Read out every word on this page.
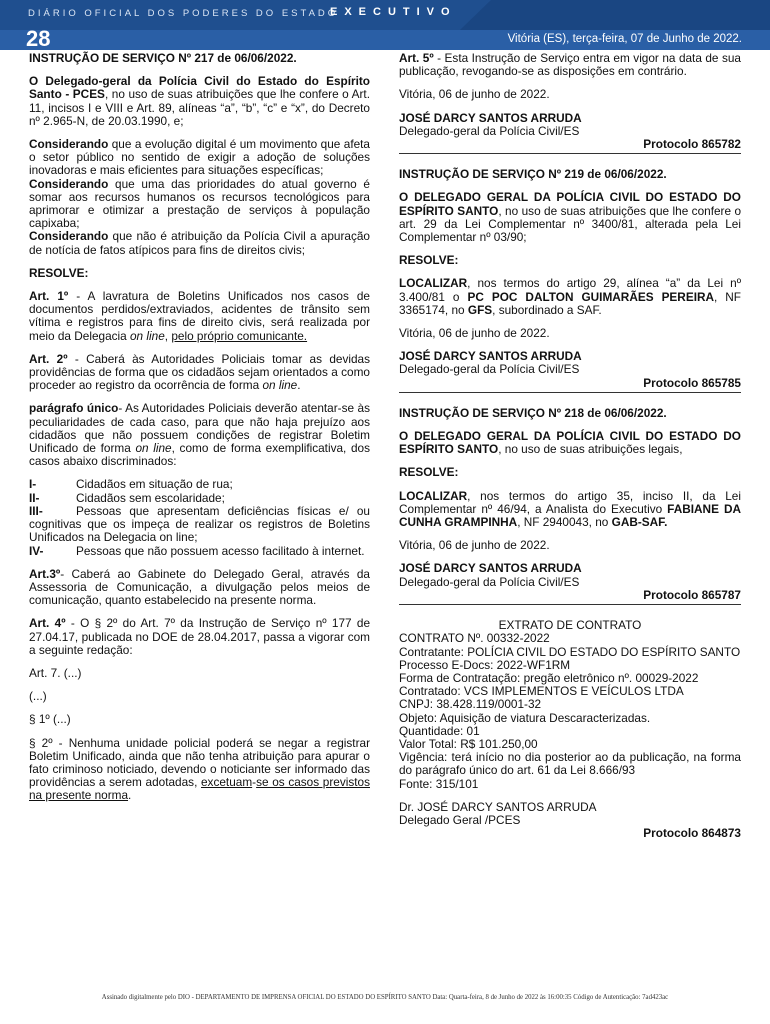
DIÁRIO OFICIAL DOS PODERES DO ESTADO
EXECUTIVO
28	Vitória (ES), terça-feira, 07 de Junho de 2022.

INSTRUÇÃO DE SERVIÇO Nº 217 de 06/06/2022.

O Delegado-geral da Polícia Civil do Estado do Espírito Santo - PCES, no uso de suas atribuições que lhe confere o Art. 11, incisos I e VIII e Art. 89, alíneas “a”, “b”, “c” e “x”, do Decreto nº 2.965-N, de 20.03.1990, e;

Considerando que a evolução digital é um movimento que afeta o setor público no sentido de exigir a adoção de soluções inovadoras e mais eficientes para situações específicas;

Considerando que uma das prioridades do atual governo é somar aos recursos humanos os recursos tecnológicos para aprimorar e otimizar a prestação de serviços à população capixaba;

Considerando que não é atribuição da Polícia Civil a apuração de notícia de fatos atípicos para fins de direitos civis;

RESOLVE:

Art. 1º - A lavratura de Boletins Unificados nos casos de documentos perdidos/extraviados, acidentes de trânsito sem vítima e registros para fins de direito civis, será realizada por meio da Delegacia on line, pelo próprio comunicante.

Art. 2º - Caberá às Autoridades Policiais tomar as devidas providências de forma que os cidadãos sejam orientados a como proceder ao registro da ocorrência de forma on line.

parágrafo único- As Autoridades Policiais deverão atentar-se às peculiaridades de cada caso, para que não haja prejuízo aos cidadãos que não possuem condições de registrar Boletim Unificado de forma on line, como de forma exemplificativa, dos casos abaixo discriminados:

I-	Cidadãos em situação de rua;

II-	Cidadãos sem escolaridade;

III-	Pessoas que apresentam deficiências físicas e/ ou cognitivas que os impeça de realizar os registros de Boletins Unificados na Delegacia on line;

IV-	Pessoas que não possuem acesso facilitado à internet.

Art.3º- Caberá ao Gabinete do Delegado Geral, através da Assessoria de Comunicação, a divulgação pelos meios de comunicação, quanto estabelecido na presente norma.

Art. 4º - O § 2º do Art. 7º da Instrução de Serviço nº 177 de 27.04.17, publicada no DOE de 28.04.2017, passa a vigorar com a seguinte redação:

Art. 7. (...)

(...)

§ 1º (...)

§ 2º - Nenhuma unidade policial poderá se negar a registrar Boletim Unificado, ainda que não tenha atribuição para apurar o fato criminoso noticiado, devendo o noticiante ser informado das providências a serem adotadas, excetuam-se os casos previstos na presente norma.

Art. 5º - Esta Instrução de Serviço entra em vigor na data de sua publicação, revogando-se as disposições em contrário.

Vitória, 06 de junho de 2022.

JOSÉ DARCY SANTOS ARRUDA

Delegado-geral da Polícia Civil/ES

Protocolo 865782

INSTRUÇÃO DE SERVIÇO Nº 219 de 06/06/2022.

O DELEGADO GERAL DA POLÍCIA CIVIL DO ESTADO DO ESPÍRITO SANTO, no uso de suas atribuições que lhe confere o art. 29 da Lei Complementar nº 3400/81, alterada pela Lei Complementar nº 03/90;

RESOLVE:

LOCALIZAR, nos termos do artigo 29, alínea “a” da Lei nº 3.400/81 o PC POC DALTON GUIMARÃES PEREIRA, NF 3365174, no GFS, subordinado a SAF.

Vitória, 06 de junho de 2022.

JOSÉ DARCY SANTOS ARRUDA

Delegado-geral da Polícia Civil/ES

Protocolo 865785

INSTRUÇÃO DE SERVIÇO Nº 218 de 06/06/2022.

O DELEGADO GERAL DA POLÍCIA CIVIL DO ESTADO DO ESPÍRITO SANTO, no uso de suas atribuições legais,

RESOLVE:

LOCALIZAR, nos termos do artigo 35, inciso II, da Lei Complementar nº 46/94, a Analista do Executivo FABIANE DA CUNHA GRAMPINHA, NF 2940043, no GAB-SAF.

Vitória, 06 de junho de 2022.

JOSÉ DARCY SANTOS ARRUDA

Delegado-geral da Polícia Civil/ES

Protocolo 865787

EXTRATO DE CONTRATO

CONTRATO Nº. 00332-2022

Contratante: POLÍCIA CIVIL DO ESTADO DO ESPÍRITO SANTO

Processo E-Docs: 2022-WF1RM

Forma de Contratação: pregão eletrônico nº. 00029-2022

Contratado: VCS IMPLEMENTOS E VEÍCULOS LTDA

CNPJ: 38.428.119/0001-32

Objeto: Aquisição de viatura Descaracterizadas.

Quantidade: 01

Valor Total: R$ 101.250,00

Vigência: terá início no dia posterior ao da publicação, na forma do parágrafo único do art. 61 da Lei 8.666/93

Fonte: 315/101

Dr. JOSÉ DARCY SANTOS ARRUDA

Delegado Geral /PCES

Protocolo 864873

Assinado digitalmente pelo DIO - DEPARTAMENTO DE IMPRENSA OFICIAL DO ESTADO DO ESPÍRITO SANTO Data: Quarta-feira, 8 de Junho de 2022 às 16:00:35 Código de Autenticação: 7ad423ac
